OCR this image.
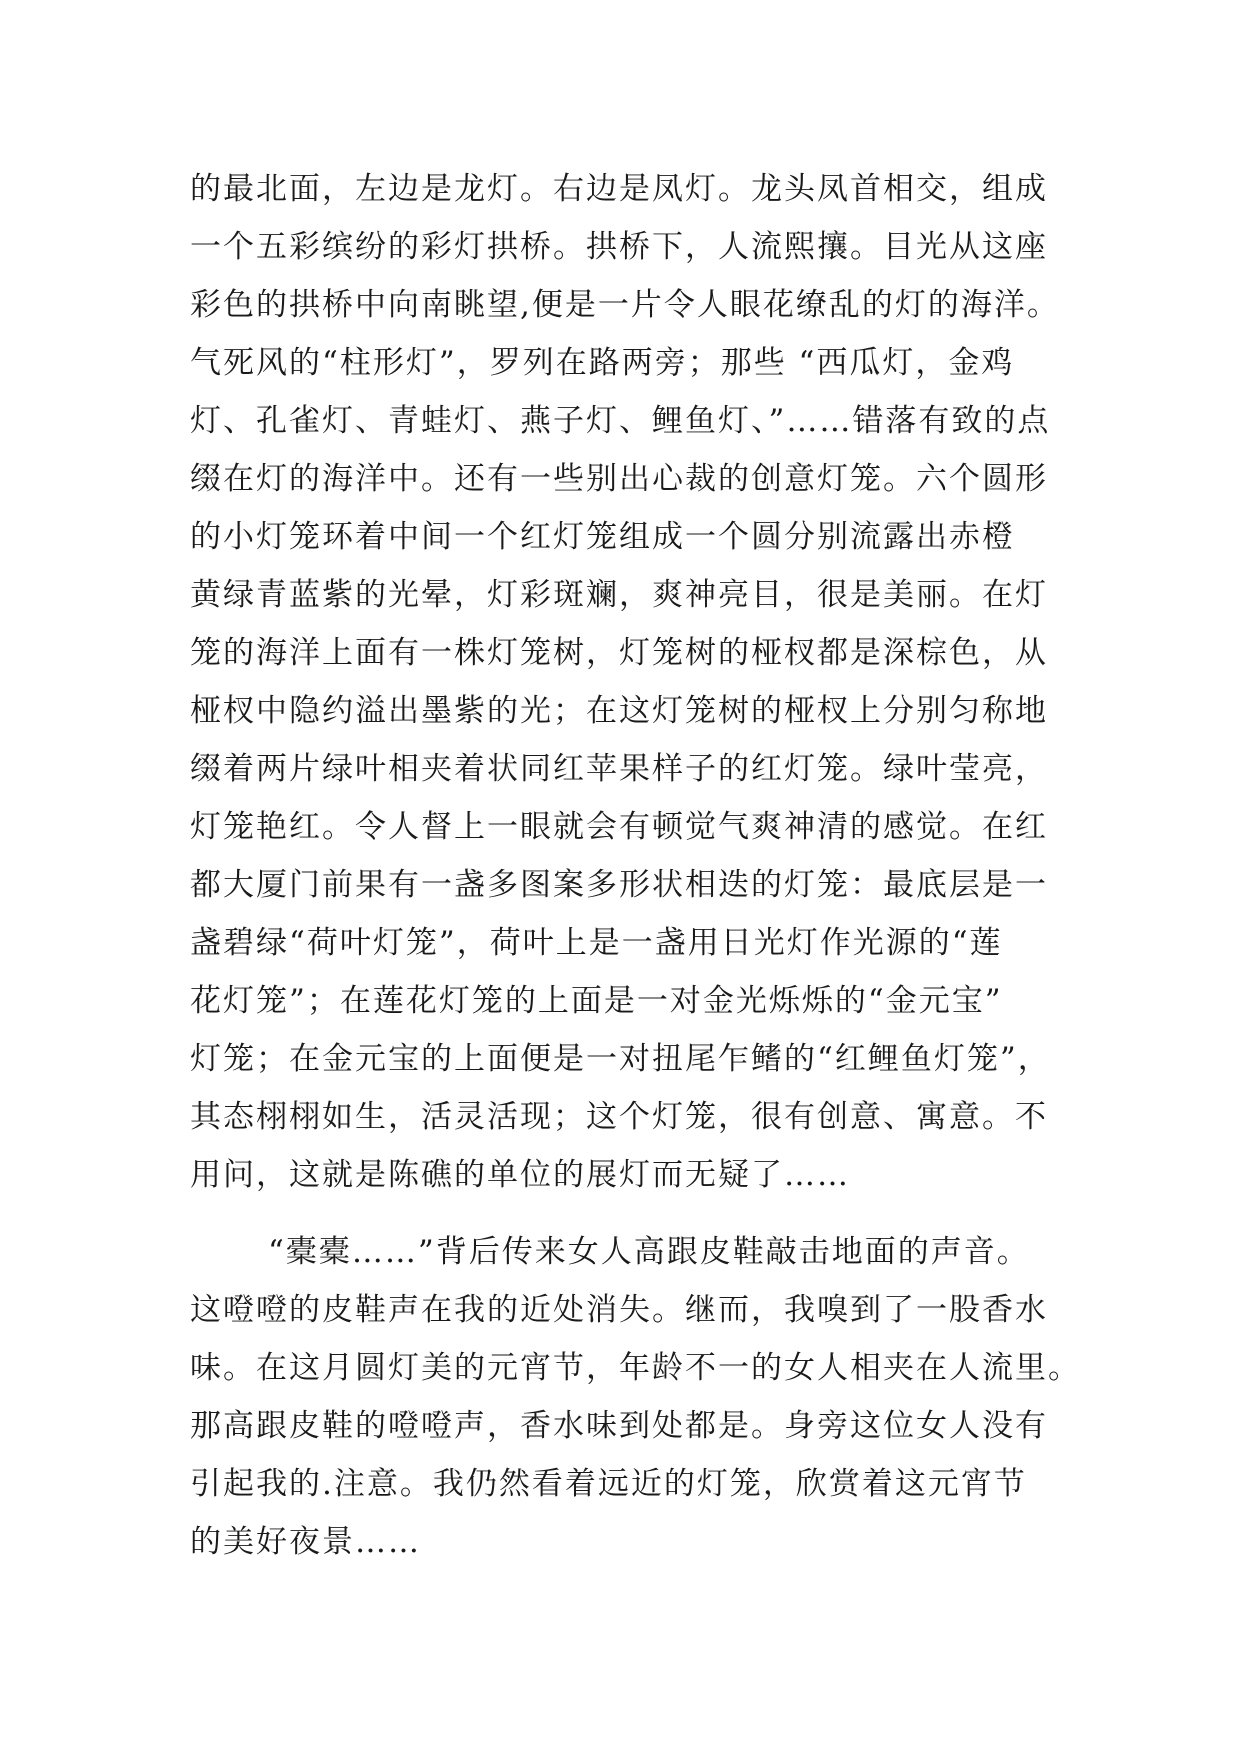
的最北面，左边是龙灯。右边是凤灯。龙头凤首相交，组成
一个五彩缤纷的彩灯拱桥。拱桥下，人流熙攘。目光从这座
彩色的拱桥中向南眺望,便是一片令人眼花缭乱的灯的海洋。
气死风的“柱形灯”，罗列在路两旁；那些 “西瓜灯，金鸡
灯、孔雀灯、青蛙灯、燕子灯、鲤鱼灯、”……错落有致的点
缀在灯的海洋中。还有一些别出心裁的创意灯笼。六个圆形
的小灯笼环着中间一个红灯笼组成一个圆分别流露出赤橙
黄绿青蓝紫的光晕，灯彩斑斓，爽神亮目，很是美丽。在灯
笼的海洋上面有一株灯笼树，灯笼树的桠杈都是深棕色，从
桠杈中隐约溢出墨紫的光；在这灯笼树的桠杈上分别匀称地
缀着两片绿叶相夹着状同红苹果样子的红灯笼。绿叶莹亮，
灯笼艳红。令人督上一眼就会有顿觉气爽神清的感觉。在红
都大厦门前果有一盏多图案多形状相迭的灯笼：最底层是一
盏碧绿“荷叶灯笼”，荷叶上是一盏用日光灯作光源的“莲
花灯笼”；在莲花灯笼的上面是一对金光烁烁的“金元宝”
灯笼；在金元宝的上面便是一对扭尾乍鳍的“红鲤鱼灯笼”，
其态栩栩如生，活灵活现；这个灯笼，很有创意、寓意。不
用问，这就是陈礁的单位的展灯而无疑了……
“橐橐……”背后传来女人高跟皮鞋敲击地面的声音。
这噔噔的皮鞋声在我的近处消失。继而，我嗅到了一股香水
味。在这月圆灯美的元宵节，年龄不一的女人相夹在人流里。
那高跟皮鞋的噔噔声，香水味到处都是。身旁这位女人没有
引起我的.注意。我仍然看着远近的灯笼，欣赏着这元宵节
的美好夜景……
